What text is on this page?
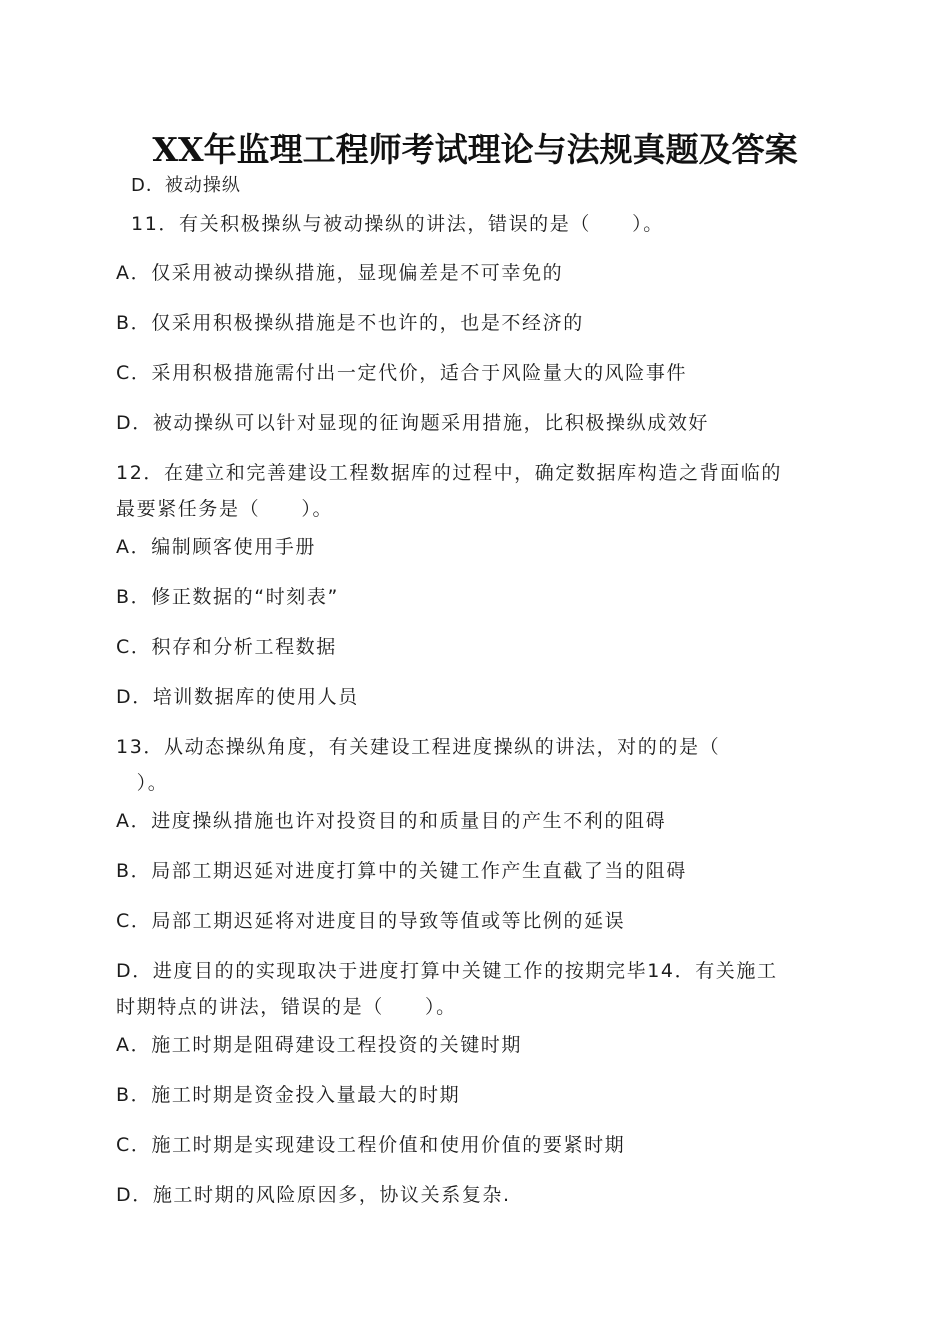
XX年监理工程师考试理论与法规真题及答案
D．被动操纵
11．有关积极操纵与被动操纵的讲法，错误的是（　　）。
A．仅采用被动操纵措施，显现偏差是不可幸免的
B．仅采用积极操纵措施是不也许的，也是不经济的
C．采用积极措施需付出一定代价，适合于风险量大的风险事件
D．被动操纵可以针对显现的征询题采用措施，比积极操纵成效好
12．在建立和完善建设工程数据库的过程中，确定数据库构造之背面临的
最要紧任务是（　　）。
A．编制顾客使用手册
B．修正数据的“时刻表”
C．积存和分析工程数据
D．培训数据库的使用人员
13．从动态操纵角度，有关建设工程进度操纵的讲法，对的的是（
　）。
A．进度操纵措施也许对投资目的和质量目的产生不利的阻碍
B．局部工期迟延对进度打算中的关键工作产生直截了当的阻碍
C．局部工期迟延将对进度目的导致等值或等比例的延误
D．进度目的的实现取决于进度打算中关键工作的按期完毕14．有关施工
时期特点的讲法，错误的是（　　）。
A．施工时期是阻碍建设工程投资的关键时期
B．施工时期是资金投入量最大的时期
C．施工时期是实现建设工程价值和使用价值的要紧时期
D．施工时期的风险原因多，协议关系复杂.
